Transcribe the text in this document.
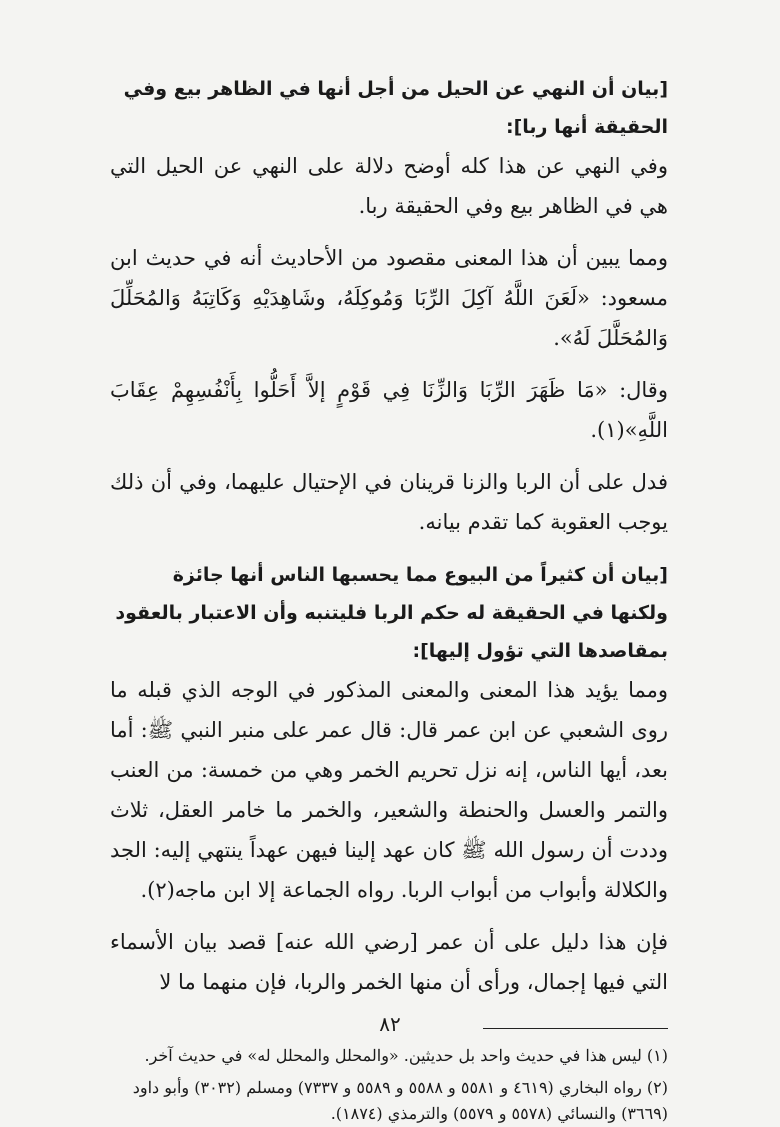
[بيان أن النهي عن الحيل من أجل أنها في الظاهر بيع وفي الحقيقة أنها ربا]:

وفي النهي عن هذا كله أوضح دلالة على النهي عن الحيل التي هي في الظاهر بيع وفي الحقيقة ربا.

ومما يبين أن هذا المعنى مقصود من الأحاديث أنه في حديث ابن مسعود: «لَعَنَ اللَّهُ آكِلَ الرِّبَا وَمُوكِلَهُ، وشَاهِدَيْهِ وَكَاتِبَهُ وَالمُحَلِّلَ وَالمُحَلَّلَ لَهُ».

وقال: «مَا ظَهَرَ الرِّبَا وَالزِّنَا فِي قَوْمٍ إلاَّ أَحَلُّوا بِأَنْفُسِهِمْ عِقَابَ اللَّهِ»(١).

فدل على أن الربا والزنا قرينان في الإحتيال عليهما، وفي أن ذلك يوجب العقوبة كما تقدم بيانه.

[بيان أن كثيراً من البيوع مما يحسبها الناس أنها جائزة ولكنها في الحقيقة له حكم الربا فليتنبه وأن الاعتبار بالعقود بمقاصدها التي تؤول إليها]:

ومما يؤيد هذا المعنى والمعنى المذكور في الوجه الذي قبله ما روى الشعبي عن ابن عمر قال: قال عمر على منبر النبي ﷺ: أما بعد، أيها الناس، إنه نزل تحريم الخمر وهي من خمسة: من العنب والتمر والعسل والحنطة والشعير، والخمر ما خامر العقل، ثلاث وددت أن رسول الله ﷺ كان عهد إلينا فيهن عهداً ينتهي إليه: الجد والكلالة وأبواب من أبواب الربا. رواه الجماعة إلا ابن ماجه(٢).

فإن هذا دليل على أن عمر [رضي الله عنه] قصد بيان الأسماء التي فيها إجمال، ورأى أن منها الخمر والربا، فإن منهما ما لا

(١) ليس هذا في حديث واحد بل حديثين. «والمحلل والمحلل له» في حديث آخر.

(٢) رواه البخاري (٤٦١٩ و ٥٥٨١ و ٥٥٨٨ و ٥٥٨٩ و ٧٣٣٧) ومسلم (٣٠٣٢) وأبو داود (٣٦٦٩) والنسائي (٥٥٧٨ و ٥٥٧٩) والترمذي (١٨٧٤).

٨٢
